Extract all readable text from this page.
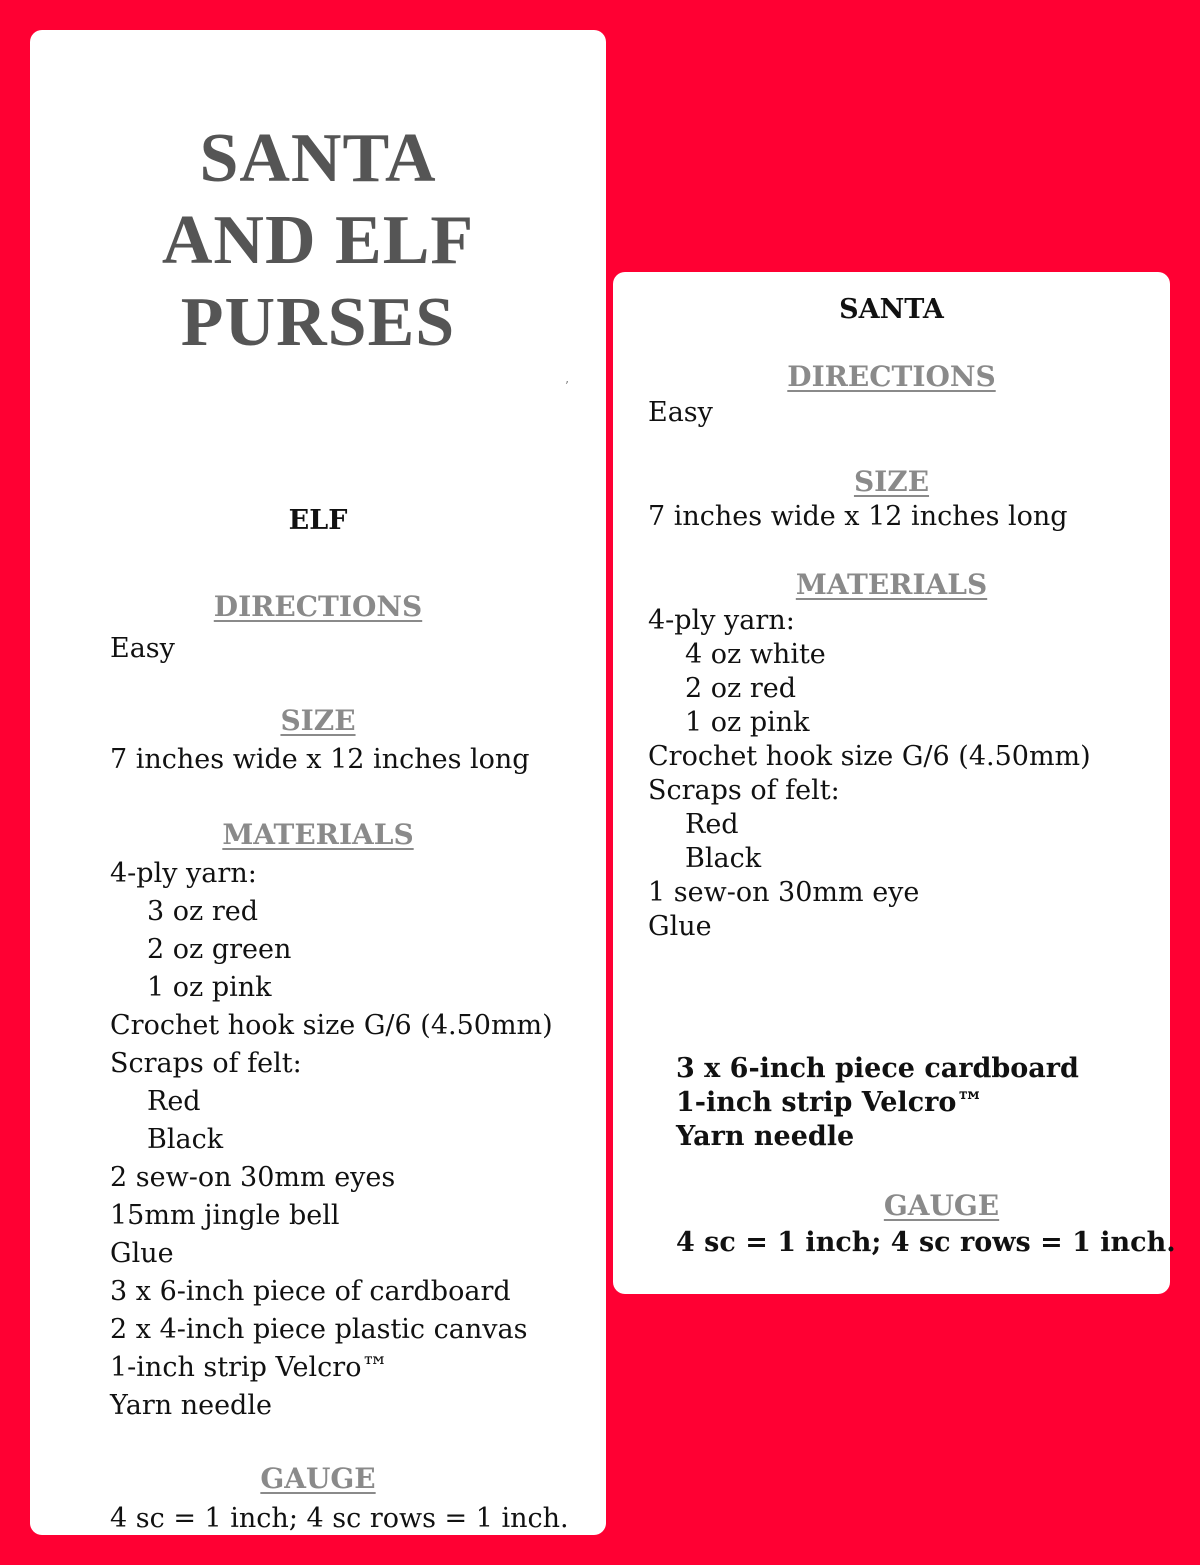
SANTA
AND ELF
PURSES
’
ELF
DIRECTIONS
Easy
SIZE
7 inches wide x 12 inches long
MATERIALS
4-ply yarn:
3 oz red
2 oz green
1 oz pink
Crochet hook size G/6 (4.50mm)
Scraps of felt:
Red
Black
2 sew-on 30mm eyes
15mm jingle bell
Glue
3 x 6-inch piece of cardboard
2 x 4-inch piece plastic canvas
1-inch strip Velcro™
Yarn needle
GAUGE
4 sc = 1 inch; 4 sc rows = 1 inch.
SANTA
DIRECTIONS
Easy
SIZE
7 inches wide x 12 inches long
MATERIALS
4-ply yarn:
4 oz white
2 oz red
1 oz pink
Crochet hook size G/6 (4.50mm)
Scraps of felt:
Red
Black
1 sew-on 30mm eye
Glue
3 x 6-inch piece cardboard
1-inch strip Velcro™
Yarn needle
GAUGE
4 sc = 1 inch; 4 sc rows = 1 inch.
